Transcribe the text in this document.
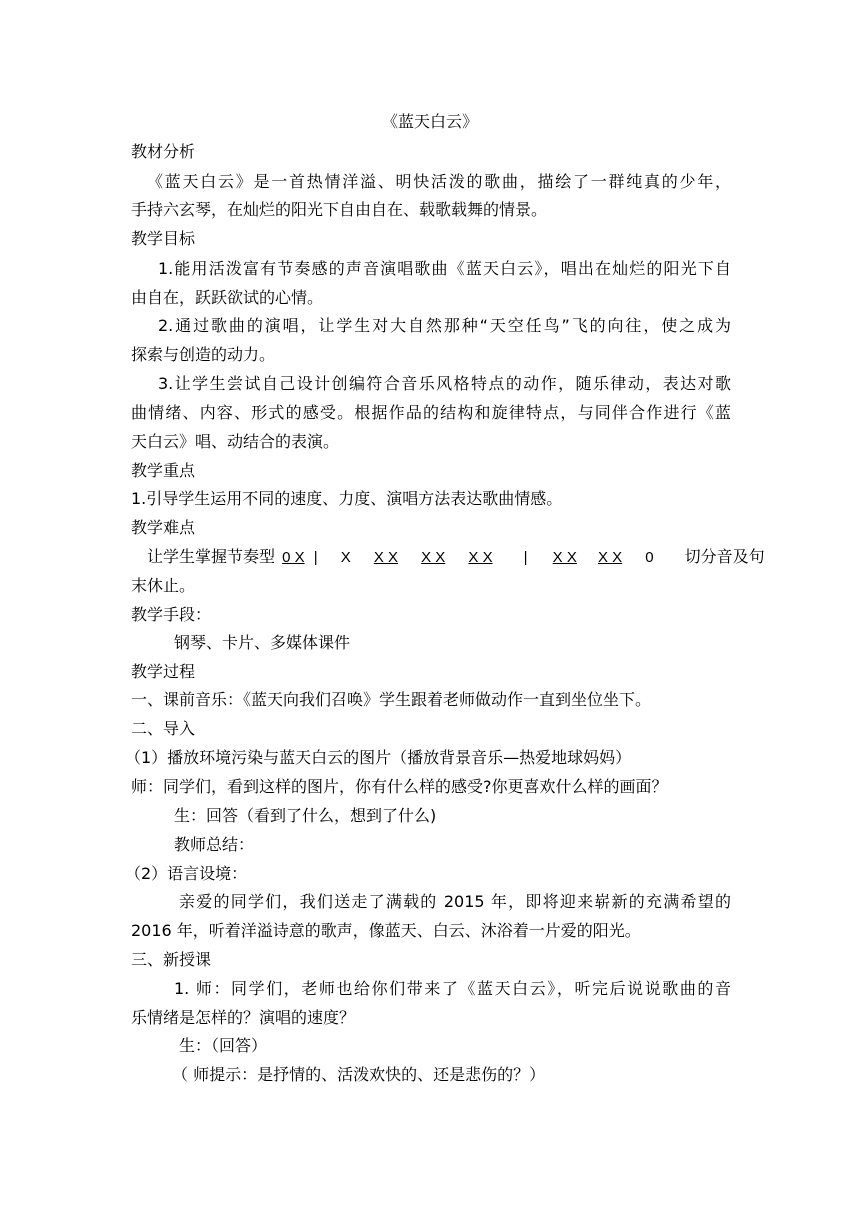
《蓝天白云》
教材分析
《蓝天白云》是一首热情洋溢、明快活泼的歌曲，描绘了一群纯真的少年，
手持六玄琴，在灿烂的阳光下自由自在、载歌载舞的情景。
教学目标
1.能用活泼富有节奏感的声音演唱歌曲《蓝天白云》，唱出在灿烂的阳光下自
由自在，跃跃欲试的心情。
2.通过歌曲的演唱，让学生对大自然那种“天空任鸟”飞的向往，使之成为
探索与创造的动力。
3.让学生尝试自己设计创编符合音乐风格特点的动作，随乐律动，表达对歌
曲情绪、内容、形式的感受。根据作品的结构和旋律特点，与同伴合作进行《蓝
天白云》唱、动结合的表演。
教学重点
1.引导学生运用不同的速度、力度、演唱方法表达歌曲情感。
教学难点
让学生掌握节奏型 0 X | X X X X X X X | X X X X 0 切分音及句
末休止。
教学手段：
钢琴、卡片、多媒体课件
教学过程
一、课前音乐：《蓝天向我们召唤》学生跟着老师做动作一直到坐位坐下。
二、导入
（1）播放环境污染与蓝天白云的图片（播放背景音乐—热爱地球妈妈）
师：同学们，看到这样的图片，你有什么样的感受?你更喜欢什么样的画面？
生：回答（看到了什么，想到了什么)
教师总结：
（2）语言设境：
亲爱的同学们，我们送走了满载的 2015 年，即将迎来崭新的充满希望的
2016 年，听着洋溢诗意的歌声，像蓝天、白云、沐浴着一片爱的阳光。
三、新授课
1. 师：同学们，老师也给你们带来了《蓝天白云》，听完后说说歌曲的音
乐情绪是怎样的？演唱的速度？
生：（回答）
（ 师提示：是抒情的、活泼欢快的、还是悲伤的？）
